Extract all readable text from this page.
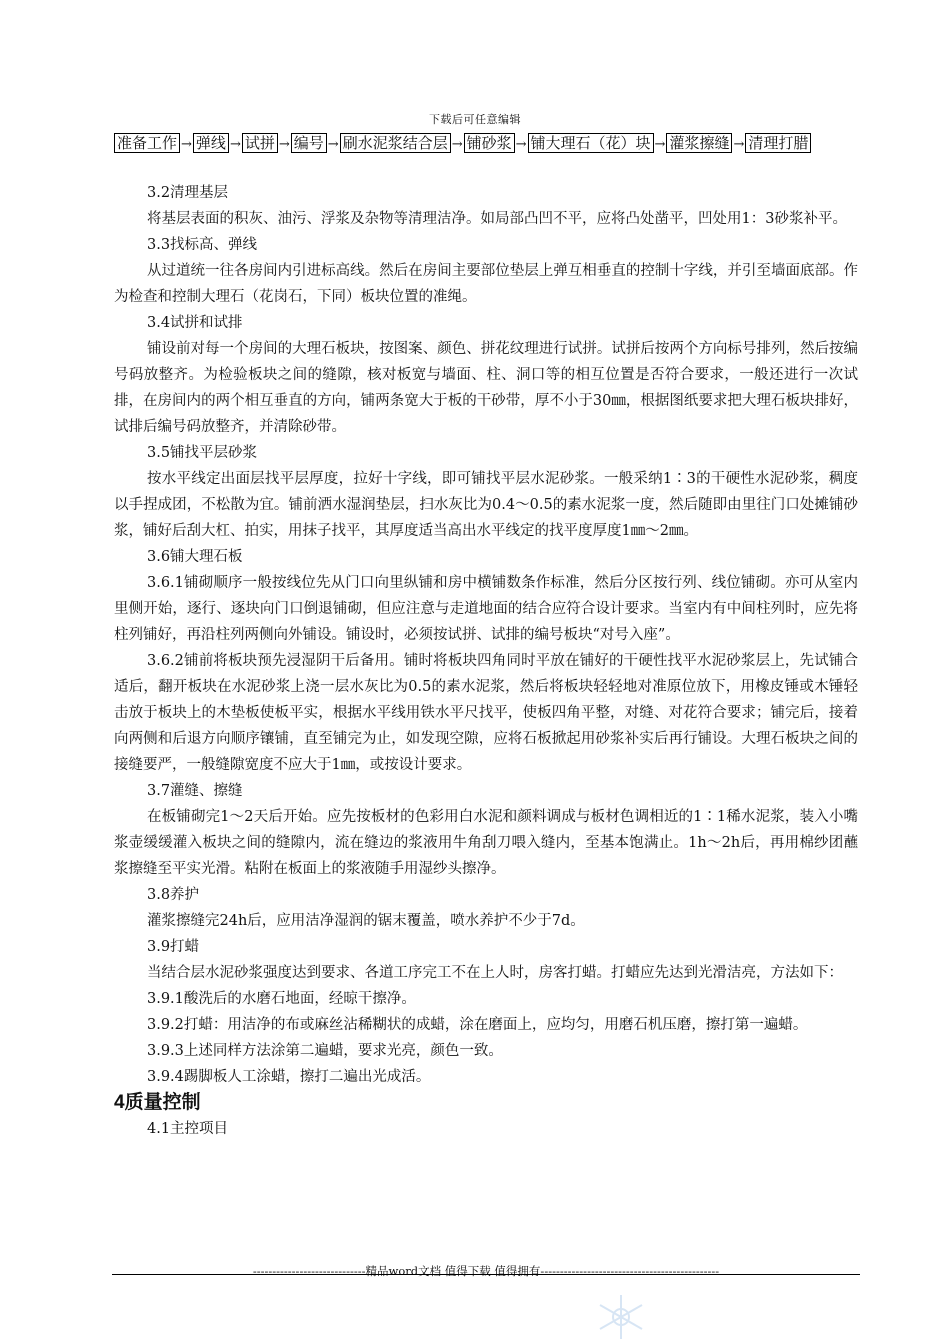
下载后可任意编辑
准备工作 → 弹线 → 试拼 → 编号 → 刷水泥浆结合层 → 铺砂浆 → 铺大理石（花）块 → 灌浆擦缝 → 清理打腊

3.2清理基层

将基层表面的积灰、油污、浮浆及杂物等清理洁净。如局部凸凹不平，应将凸处凿平，凹处用1：3砂浆补平。

3.3找标高、弹线

从过道统一往各房间内引进标高线。然后在房间主要部位垫层上弹互相垂直的控制十字线，并引至墙面底部。作为检查和控制大理石（花岗石，下同）板块位置的准绳。

3.4试拼和试排

铺设前对每一个房间的大理石板块，按图案、颜色、拼花纹理进行试拼。试拼后按两个方向标号排列，然后按编号码放整齐。为检验板块之间的缝隙，核对板宽与墙面、柱、洞口等的相互位置是否符合要求，一般还进行一次试排，在房间内的两个相互垂直的方向，铺两条宽大于板的干砂带，厚不小于30㎜，根据图纸要求把大理石板块排好，试排后编号码放整齐，并清除砂带。

3.5铺找平层砂浆

按水平线定出面层找平层厚度，拉好十字线，即可铺找平层水泥砂浆。一般采纳1∶3的干硬性水泥砂浆，稠度以手捏成团，不松散为宜。铺前洒水湿润垫层，扫水灰比为0.4～0.5的素水泥浆一度，然后随即由里往门口处摊铺砂浆，铺好后刮大杠、拍实，用抹子找平，其厚度适当高出水平线定的找平度厚度1㎜～2㎜。

3.6铺大理石板

3.6.1铺砌顺序一般按线位先从门口向里纵铺和房中横铺数条作标准，然后分区按行列、线位铺砌。亦可从室内里侧开始，逐行、逐块向门口倒退铺砌，但应注意与走道地面的结合应符合设计要求。当室内有中间柱列时，应先将柱列铺好，再沿柱列两侧向外铺设。铺设时，必须按试拼、试排的编号板块“对号入座”。

3.6.2铺前将板块预先浸湿阴干后备用。铺时将板块四角同时平放在铺好的干硬性找平水泥砂浆层上，先试铺合适后，翻开板块在水泥砂浆上浇一层水灰比为0.5的素水泥浆，然后将板块轻轻地对准原位放下，用橡皮锤或木锤轻击放于板块上的木垫板使板平实，根据水平线用铁水平尺找平，使板四角平整，对缝、对花符合要求；铺完后，接着向两侧和后退方向顺序镶铺，直至铺完为止，如发现空隙，应将石板掀起用砂浆补实后再行铺设。大理石板块之间的接缝要严，一般缝隙宽度不应大于1㎜，或按设计要求。

3.7灌缝、擦缝

在板铺砌完1～2天后开始。应先按板材的色彩用白水泥和颜料调成与板材色调相近的1∶1稀水泥浆，装入小嘴浆壶缓缓灌入板块之间的缝隙内，流在缝边的浆液用牛角刮刀喂入缝内，至基本饱满止。1h～2h后，再用棉纱团蘸浆擦缝至平实光滑。粘附在板面上的浆液随手用湿纱头擦净。

3.8养护

灌浆擦缝完24h后，应用洁净湿润的锯末覆盖，喷水养护不少于7d。

3.9打蜡

当结合层水泥砂浆强度达到要求、各道工序完工不在上人时，房客打蜡。打蜡应先达到光滑洁亮，方法如下：

3.9.1酸洗后的水磨石地面，经晾干擦净。

3.9.2打蜡：用洁净的布或麻丝沾稀糊状的成蜡，涂在磨面上，应均匀，用磨石机压磨，擦打第一遍蜡。

3.9.3上述同样方法涂第二遍蜡，要求光亮，颜色一致。

3.9.4踢脚板人工涂蜡，擦打二遍出光成活。

4质量控制

4.1主控项目

-----------------------------精品word文档 值得下载 值得拥有----------------------------------------------
